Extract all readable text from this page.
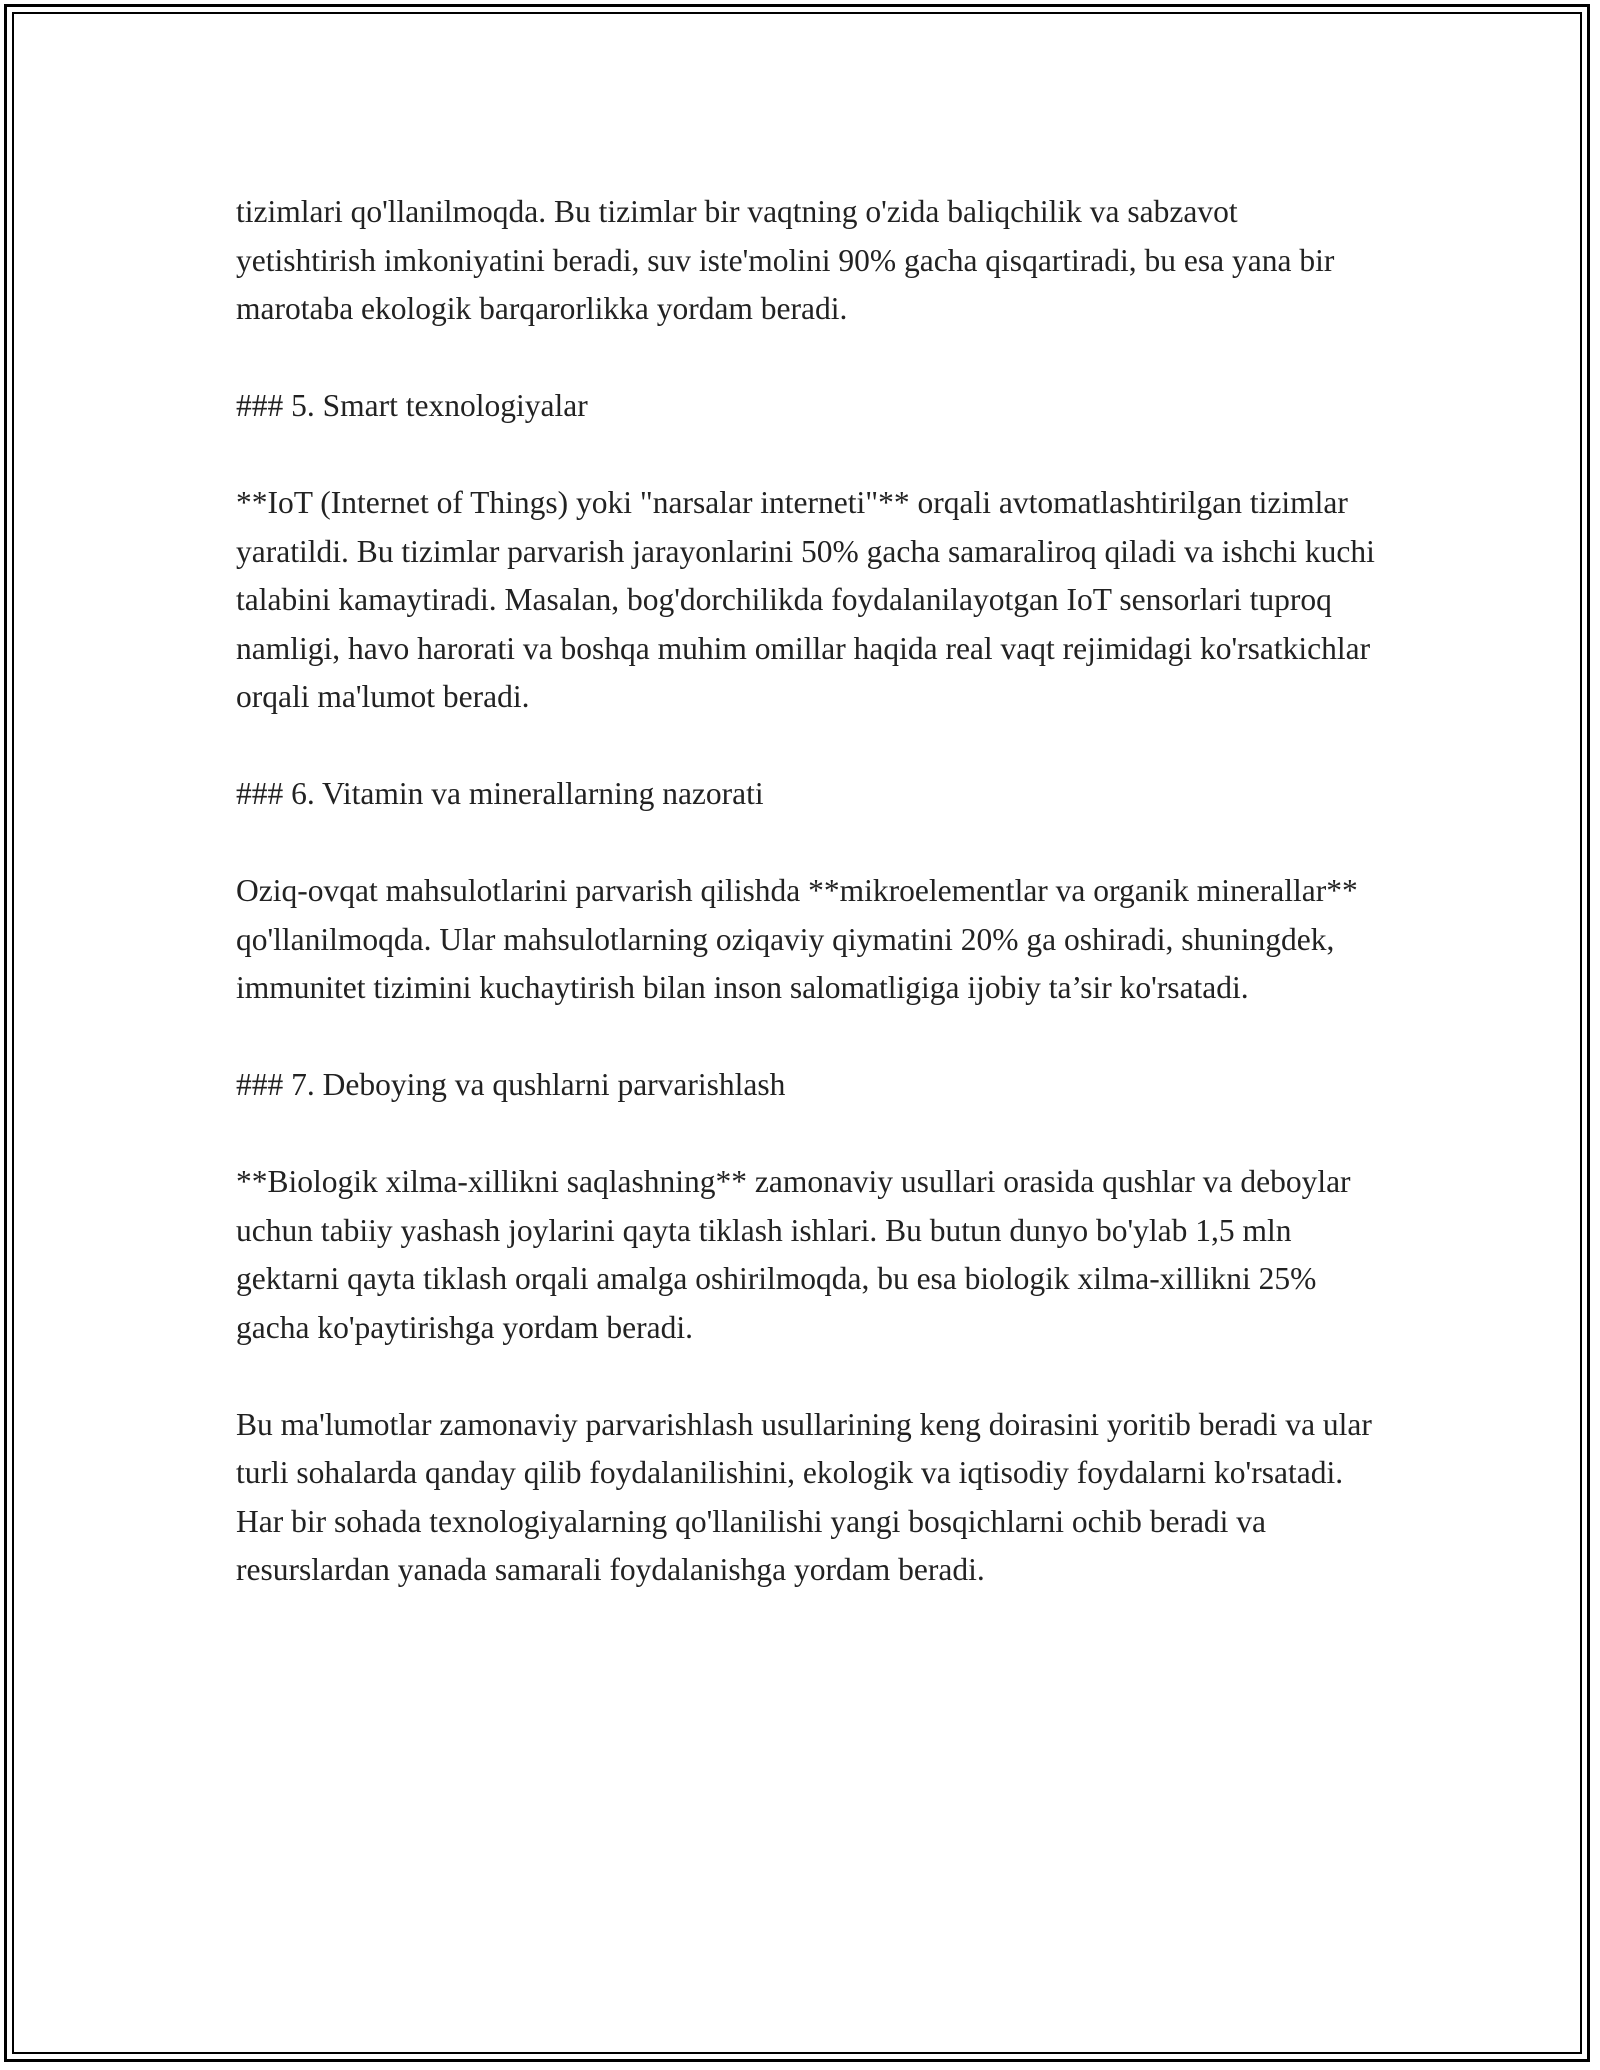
tizimlari qo'llanilmoqda. Bu tizimlar bir vaqtning o'zida baliqchilik va sabzavot yetishtirish imkoniyatini beradi, suv iste'molini 90% gacha qisqartiradi, bu esa yana bir marotaba ekologik barqarorlikka yordam beradi.

### 5. Smart texnologiyalar

**IoT (Internet of Things) yoki "narsalar interneti"** orqali avtomatlashtirilgan tizimlar yaratildi. Bu tizimlar parvarish jarayonlarini 50% gacha samaraliroq qiladi va ishchi kuchi talabini kamaytiradi. Masalan, bog'dorchilikda foydalanilayotgan IoT sensorlari tuproq namligi, havo harorati va boshqa muhim omillar haqida real vaqt rejimidagi ko'rsatkichlar orqali ma'lumot beradi.

### 6. Vitamin va minerallarning nazorati

Oziq-ovqat mahsulotlarini parvarish qilishda **mikroelementlar va organik minerallar** qo'llanilmoqda. Ular mahsulotlarning oziqaviy qiymatini 20% ga oshiradi, shuningdek, immunitet tizimini kuchaytirish bilan inson salomatligiga ijobiy ta’sir ko'rsatadi.

### 7. Deboying va qushlarni parvarishlash

**Biologik xilma-xillikni saqlashning** zamonaviy usullari orasida qushlar va deboylar uchun tabiiy yashash joylarini qayta tiklash ishlari. Bu butun dunyo bo'ylab 1,5 mln gektarni qayta tiklash orqali amalga oshirilmoqda, bu esa biologik xilma-xillikni 25% gacha ko'paytirishga yordam beradi.

Bu ma'lumotlar zamonaviy parvarishlash usullarining keng doirasini yoritib beradi va ular turli sohalarda qanday qilib foydalanilishini, ekologik va iqtisodiy foydalarni ko'rsatadi. Har bir sohada texnologiyalarning qo'llanilishi yangi bosqichlarni ochib beradi va resurslardan yanada samarali foydalanishga yordam beradi.
